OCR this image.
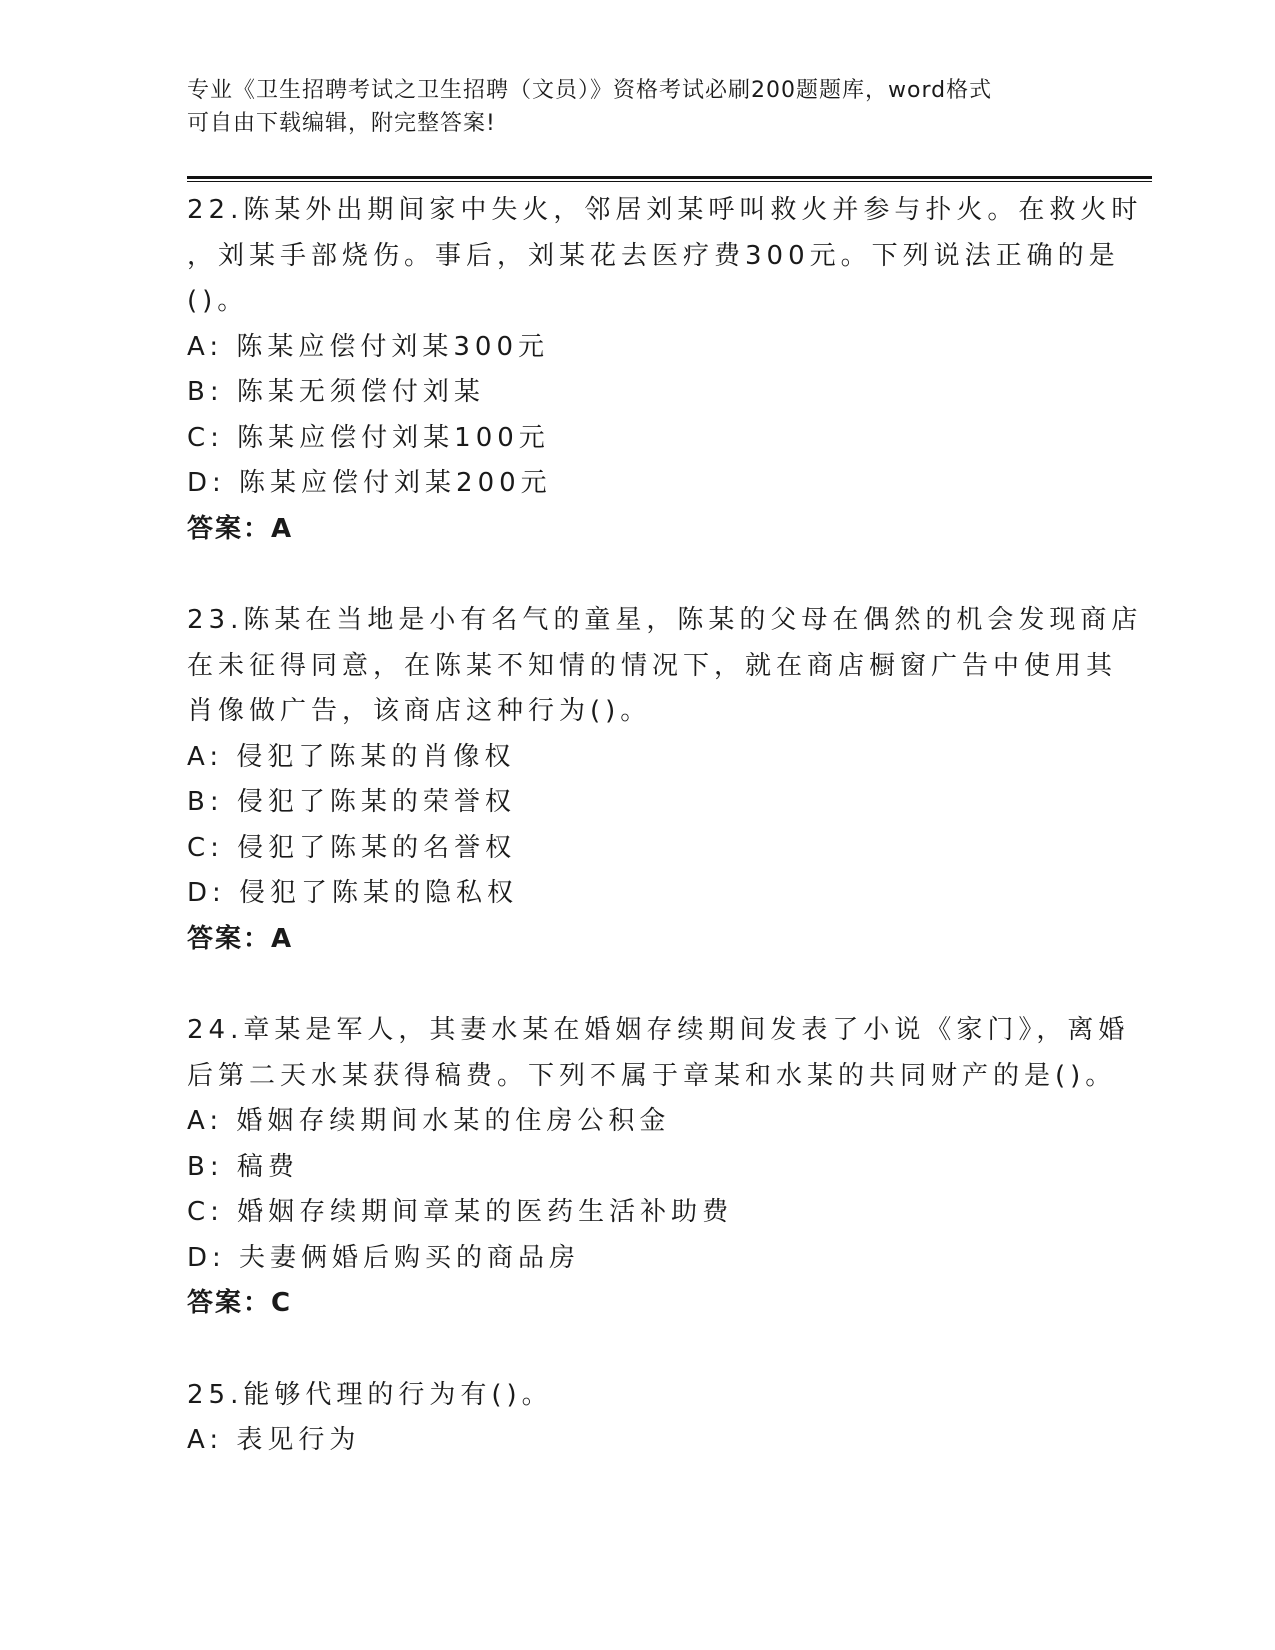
专业《卫生招聘考试之卫生招聘（文员）》资格考试必刷200题题库，word格式
可自由下载编辑，附完整答案!
22.陈某外出期间家中失火，邻居刘某呼叫救火并参与扑火。在救火时
，刘某手部烧伤。事后，刘某花去医疗费300元。下列说法正确的是
()。
A: 陈某应偿付刘某300元
B: 陈某无须偿付刘某
C: 陈某应偿付刘某100元
D: 陈某应偿付刘某200元
答案：A
23.陈某在当地是小有名气的童星，陈某的父母在偶然的机会发现商店
在未征得同意，在陈某不知情的情况下，就在商店橱窗广告中使用其
肖像做广告，该商店这种行为()。
A: 侵犯了陈某的肖像权
B: 侵犯了陈某的荣誉权
C: 侵犯了陈某的名誉权
D: 侵犯了陈某的隐私权
答案：A
24.章某是军人，其妻水某在婚姻存续期间发表了小说《家门》，离婚
后第二天水某获得稿费。下列不属于章某和水某的共同财产的是()。
A: 婚姻存续期间水某的住房公积金
B: 稿费
C: 婚姻存续期间章某的医药生活补助费
D: 夫妻俩婚后购买的商品房
答案：C
25.能够代理的行为有()。
A: 表见行为
